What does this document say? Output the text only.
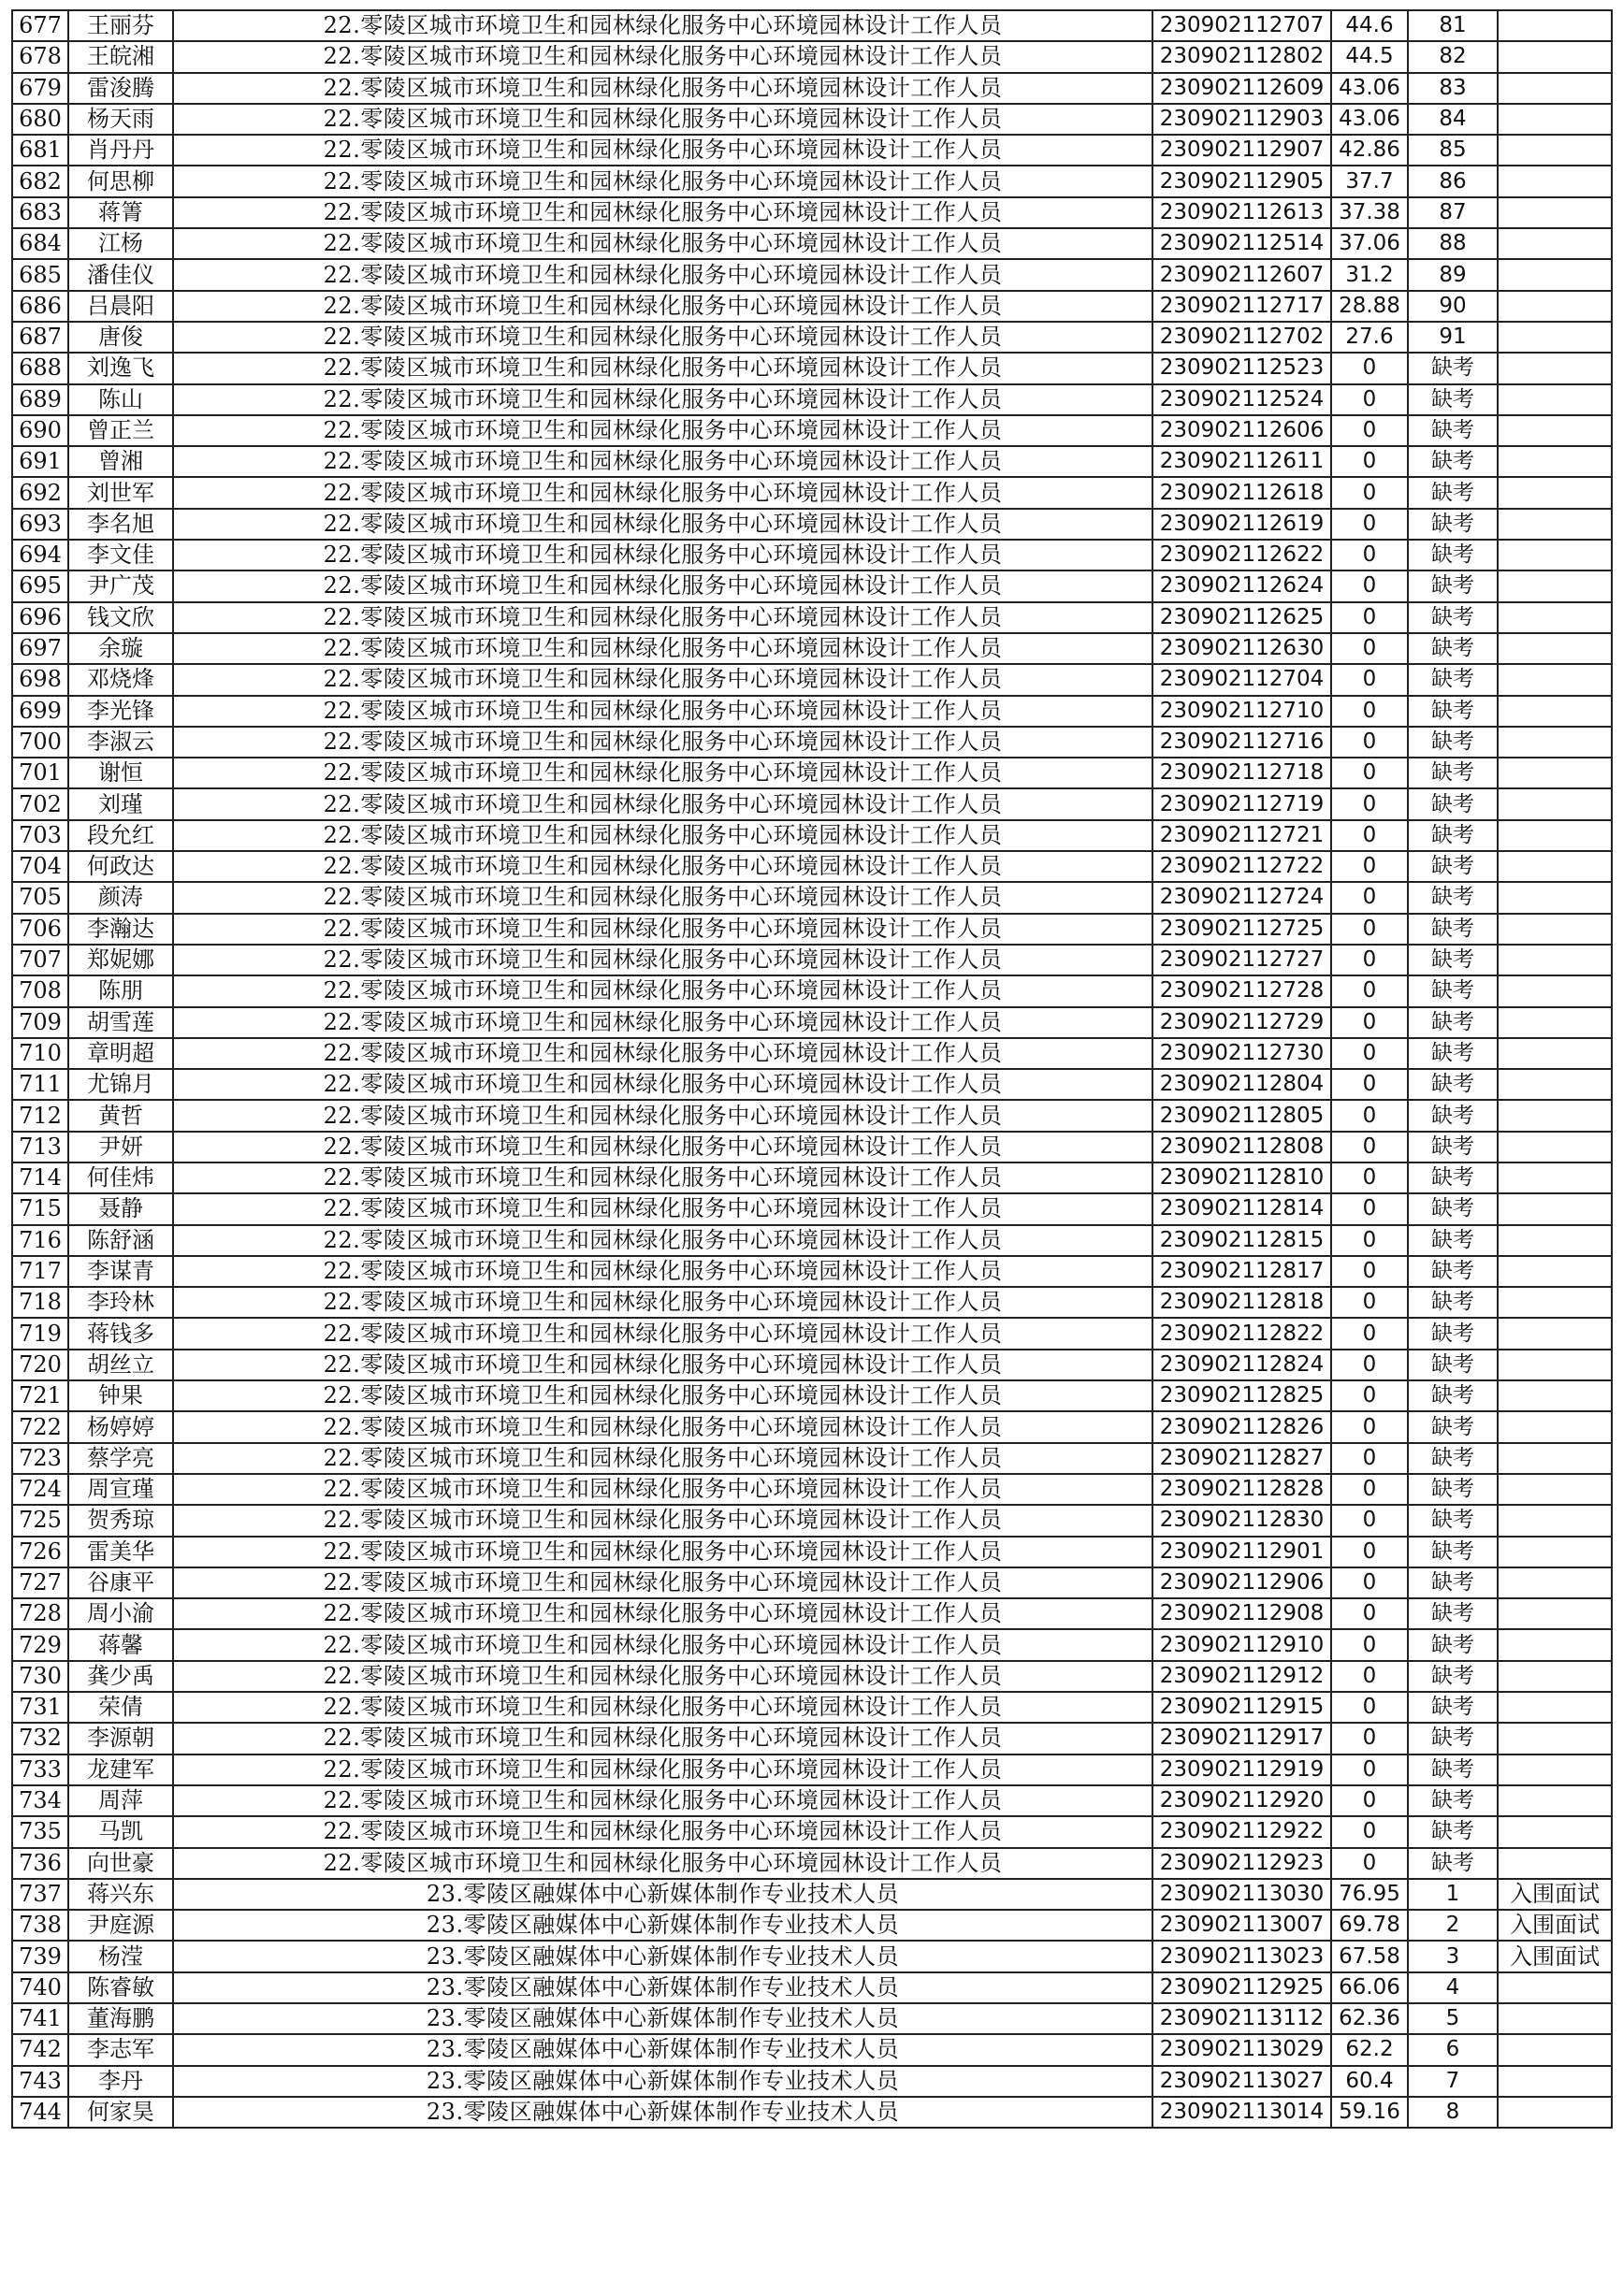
677	王丽芬	22.零陵区城市环境卫生和园林绿化服务中心环境园林设计工作人员	230902112707	44.6	81	
678	王皖湘	22.零陵区城市环境卫生和园林绿化服务中心环境园林设计工作人员	230902112802	44.5	82	
679	雷浚腾	22.零陵区城市环境卫生和园林绿化服务中心环境园林设计工作人员	230902112609	43.06	83	
680	杨天雨	22.零陵区城市环境卫生和园林绿化服务中心环境园林设计工作人员	230902112903	43.06	84	
681	肖丹丹	22.零陵区城市环境卫生和园林绿化服务中心环境园林设计工作人员	230902112907	42.86	85	
682	何思柳	22.零陵区城市环境卫生和园林绿化服务中心环境园林设计工作人员	230902112905	37.7	86	
683	蒋箐	22.零陵区城市环境卫生和园林绿化服务中心环境园林设计工作人员	230902112613	37.38	87	
684	江杨	22.零陵区城市环境卫生和园林绿化服务中心环境园林设计工作人员	230902112514	37.06	88	
685	潘佳仪	22.零陵区城市环境卫生和园林绿化服务中心环境园林设计工作人员	230902112607	31.2	89	
686	吕晨阳	22.零陵区城市环境卫生和园林绿化服务中心环境园林设计工作人员	230902112717	28.88	90	
687	唐俊	22.零陵区城市环境卫生和园林绿化服务中心环境园林设计工作人员	230902112702	27.6	91	
688	刘逸飞	22.零陵区城市环境卫生和园林绿化服务中心环境园林设计工作人员	230902112523	0	缺考	
689	陈山	22.零陵区城市环境卫生和园林绿化服务中心环境园林设计工作人员	230902112524	0	缺考	
690	曾正兰	22.零陵区城市环境卫生和园林绿化服务中心环境园林设计工作人员	230902112606	0	缺考	
691	曾湘	22.零陵区城市环境卫生和园林绿化服务中心环境园林设计工作人员	230902112611	0	缺考	
692	刘世军	22.零陵区城市环境卫生和园林绿化服务中心环境园林设计工作人员	230902112618	0	缺考	
693	李名旭	22.零陵区城市环境卫生和园林绿化服务中心环境园林设计工作人员	230902112619	0	缺考	
694	李文佳	22.零陵区城市环境卫生和园林绿化服务中心环境园林设计工作人员	230902112622	0	缺考	
695	尹广茂	22.零陵区城市环境卫生和园林绿化服务中心环境园林设计工作人员	230902112624	0	缺考	
696	钱文欣	22.零陵区城市环境卫生和园林绿化服务中心环境园林设计工作人员	230902112625	0	缺考	
697	余璇	22.零陵区城市环境卫生和园林绿化服务中心环境园林设计工作人员	230902112630	0	缺考	
698	邓烧烽	22.零陵区城市环境卫生和园林绿化服务中心环境园林设计工作人员	230902112704	0	缺考	
699	李光锋	22.零陵区城市环境卫生和园林绿化服务中心环境园林设计工作人员	230902112710	0	缺考	
700	李淑云	22.零陵区城市环境卫生和园林绿化服务中心环境园林设计工作人员	230902112716	0	缺考	
701	谢恒	22.零陵区城市环境卫生和园林绿化服务中心环境园林设计工作人员	230902112718	0	缺考	
702	刘瑾	22.零陵区城市环境卫生和园林绿化服务中心环境园林设计工作人员	230902112719	0	缺考	
703	段允红	22.零陵区城市环境卫生和园林绿化服务中心环境园林设计工作人员	230902112721	0	缺考	
704	何政达	22.零陵区城市环境卫生和园林绿化服务中心环境园林设计工作人员	230902112722	0	缺考	
705	颜涛	22.零陵区城市环境卫生和园林绿化服务中心环境园林设计工作人员	230902112724	0	缺考	
706	李瀚达	22.零陵区城市环境卫生和园林绿化服务中心环境园林设计工作人员	230902112725	0	缺考	
707	郑妮娜	22.零陵区城市环境卫生和园林绿化服务中心环境园林设计工作人员	230902112727	0	缺考	
708	陈朋	22.零陵区城市环境卫生和园林绿化服务中心环境园林设计工作人员	230902112728	0	缺考	
709	胡雪莲	22.零陵区城市环境卫生和园林绿化服务中心环境园林设计工作人员	230902112729	0	缺考	
710	章明超	22.零陵区城市环境卫生和园林绿化服务中心环境园林设计工作人员	230902112730	0	缺考	
711	尤锦月	22.零陵区城市环境卫生和园林绿化服务中心环境园林设计工作人员	230902112804	0	缺考	
712	黄哲	22.零陵区城市环境卫生和园林绿化服务中心环境园林设计工作人员	230902112805	0	缺考	
713	尹妍	22.零陵区城市环境卫生和园林绿化服务中心环境园林设计工作人员	230902112808	0	缺考	
714	何佳炜	22.零陵区城市环境卫生和园林绿化服务中心环境园林设计工作人员	230902112810	0	缺考	
715	聂静	22.零陵区城市环境卫生和园林绿化服务中心环境园林设计工作人员	230902112814	0	缺考	
716	陈舒涵	22.零陵区城市环境卫生和园林绿化服务中心环境园林设计工作人员	230902112815	0	缺考	
717	李谋青	22.零陵区城市环境卫生和园林绿化服务中心环境园林设计工作人员	230902112817	0	缺考	
718	李玲林	22.零陵区城市环境卫生和园林绿化服务中心环境园林设计工作人员	230902112818	0	缺考	
719	蒋钱多	22.零陵区城市环境卫生和园林绿化服务中心环境园林设计工作人员	230902112822	0	缺考	
720	胡丝立	22.零陵区城市环境卫生和园林绿化服务中心环境园林设计工作人员	230902112824	0	缺考	
721	钟果	22.零陵区城市环境卫生和园林绿化服务中心环境园林设计工作人员	230902112825	0	缺考	
722	杨婷婷	22.零陵区城市环境卫生和园林绿化服务中心环境园林设计工作人员	230902112826	0	缺考	
723	蔡学亮	22.零陵区城市环境卫生和园林绿化服务中心环境园林设计工作人员	230902112827	0	缺考	
724	周宣瑾	22.零陵区城市环境卫生和园林绿化服务中心环境园林设计工作人员	230902112828	0	缺考	
725	贺秀琼	22.零陵区城市环境卫生和园林绿化服务中心环境园林设计工作人员	230902112830	0	缺考	
726	雷美华	22.零陵区城市环境卫生和园林绿化服务中心环境园林设计工作人员	230902112901	0	缺考	
727	谷康平	22.零陵区城市环境卫生和园林绿化服务中心环境园林设计工作人员	230902112906	0	缺考	
728	周小渝	22.零陵区城市环境卫生和园林绿化服务中心环境园林设计工作人员	230902112908	0	缺考	
729	蒋馨	22.零陵区城市环境卫生和园林绿化服务中心环境园林设计工作人员	230902112910	0	缺考	
730	龚少禹	22.零陵区城市环境卫生和园林绿化服务中心环境园林设计工作人员	230902112912	0	缺考	
731	荣倩	22.零陵区城市环境卫生和园林绿化服务中心环境园林设计工作人员	230902112915	0	缺考	
732	李源朝	22.零陵区城市环境卫生和园林绿化服务中心环境园林设计工作人员	230902112917	0	缺考	
733	龙建军	22.零陵区城市环境卫生和园林绿化服务中心环境园林设计工作人员	230902112919	0	缺考	
734	周萍	22.零陵区城市环境卫生和园林绿化服务中心环境园林设计工作人员	230902112920	0	缺考	
735	马凯	22.零陵区城市环境卫生和园林绿化服务中心环境园林设计工作人员	230902112922	0	缺考	
736	向世豪	22.零陵区城市环境卫生和园林绿化服务中心环境园林设计工作人员	230902112923	0	缺考	
737	蒋兴东	23.零陵区融媒体中心新媒体制作专业技术人员	230902113030	76.95	1	入围面试
738	尹庭源	23.零陵区融媒体中心新媒体制作专业技术人员	230902113007	69.78	2	入围面试
739	杨滢	23.零陵区融媒体中心新媒体制作专业技术人员	230902113023	67.58	3	入围面试
740	陈睿敏	23.零陵区融媒体中心新媒体制作专业技术人员	230902112925	66.06	4	
741	董海鹏	23.零陵区融媒体中心新媒体制作专业技术人员	230902113112	62.36	5	
742	李志军	23.零陵区融媒体中心新媒体制作专业技术人员	230902113029	62.2	6	
743	李丹	23.零陵区融媒体中心新媒体制作专业技术人员	230902113027	60.4	7	
744	何家昊	23.零陵区融媒体中心新媒体制作专业技术人员	230902113014	59.16	8	
